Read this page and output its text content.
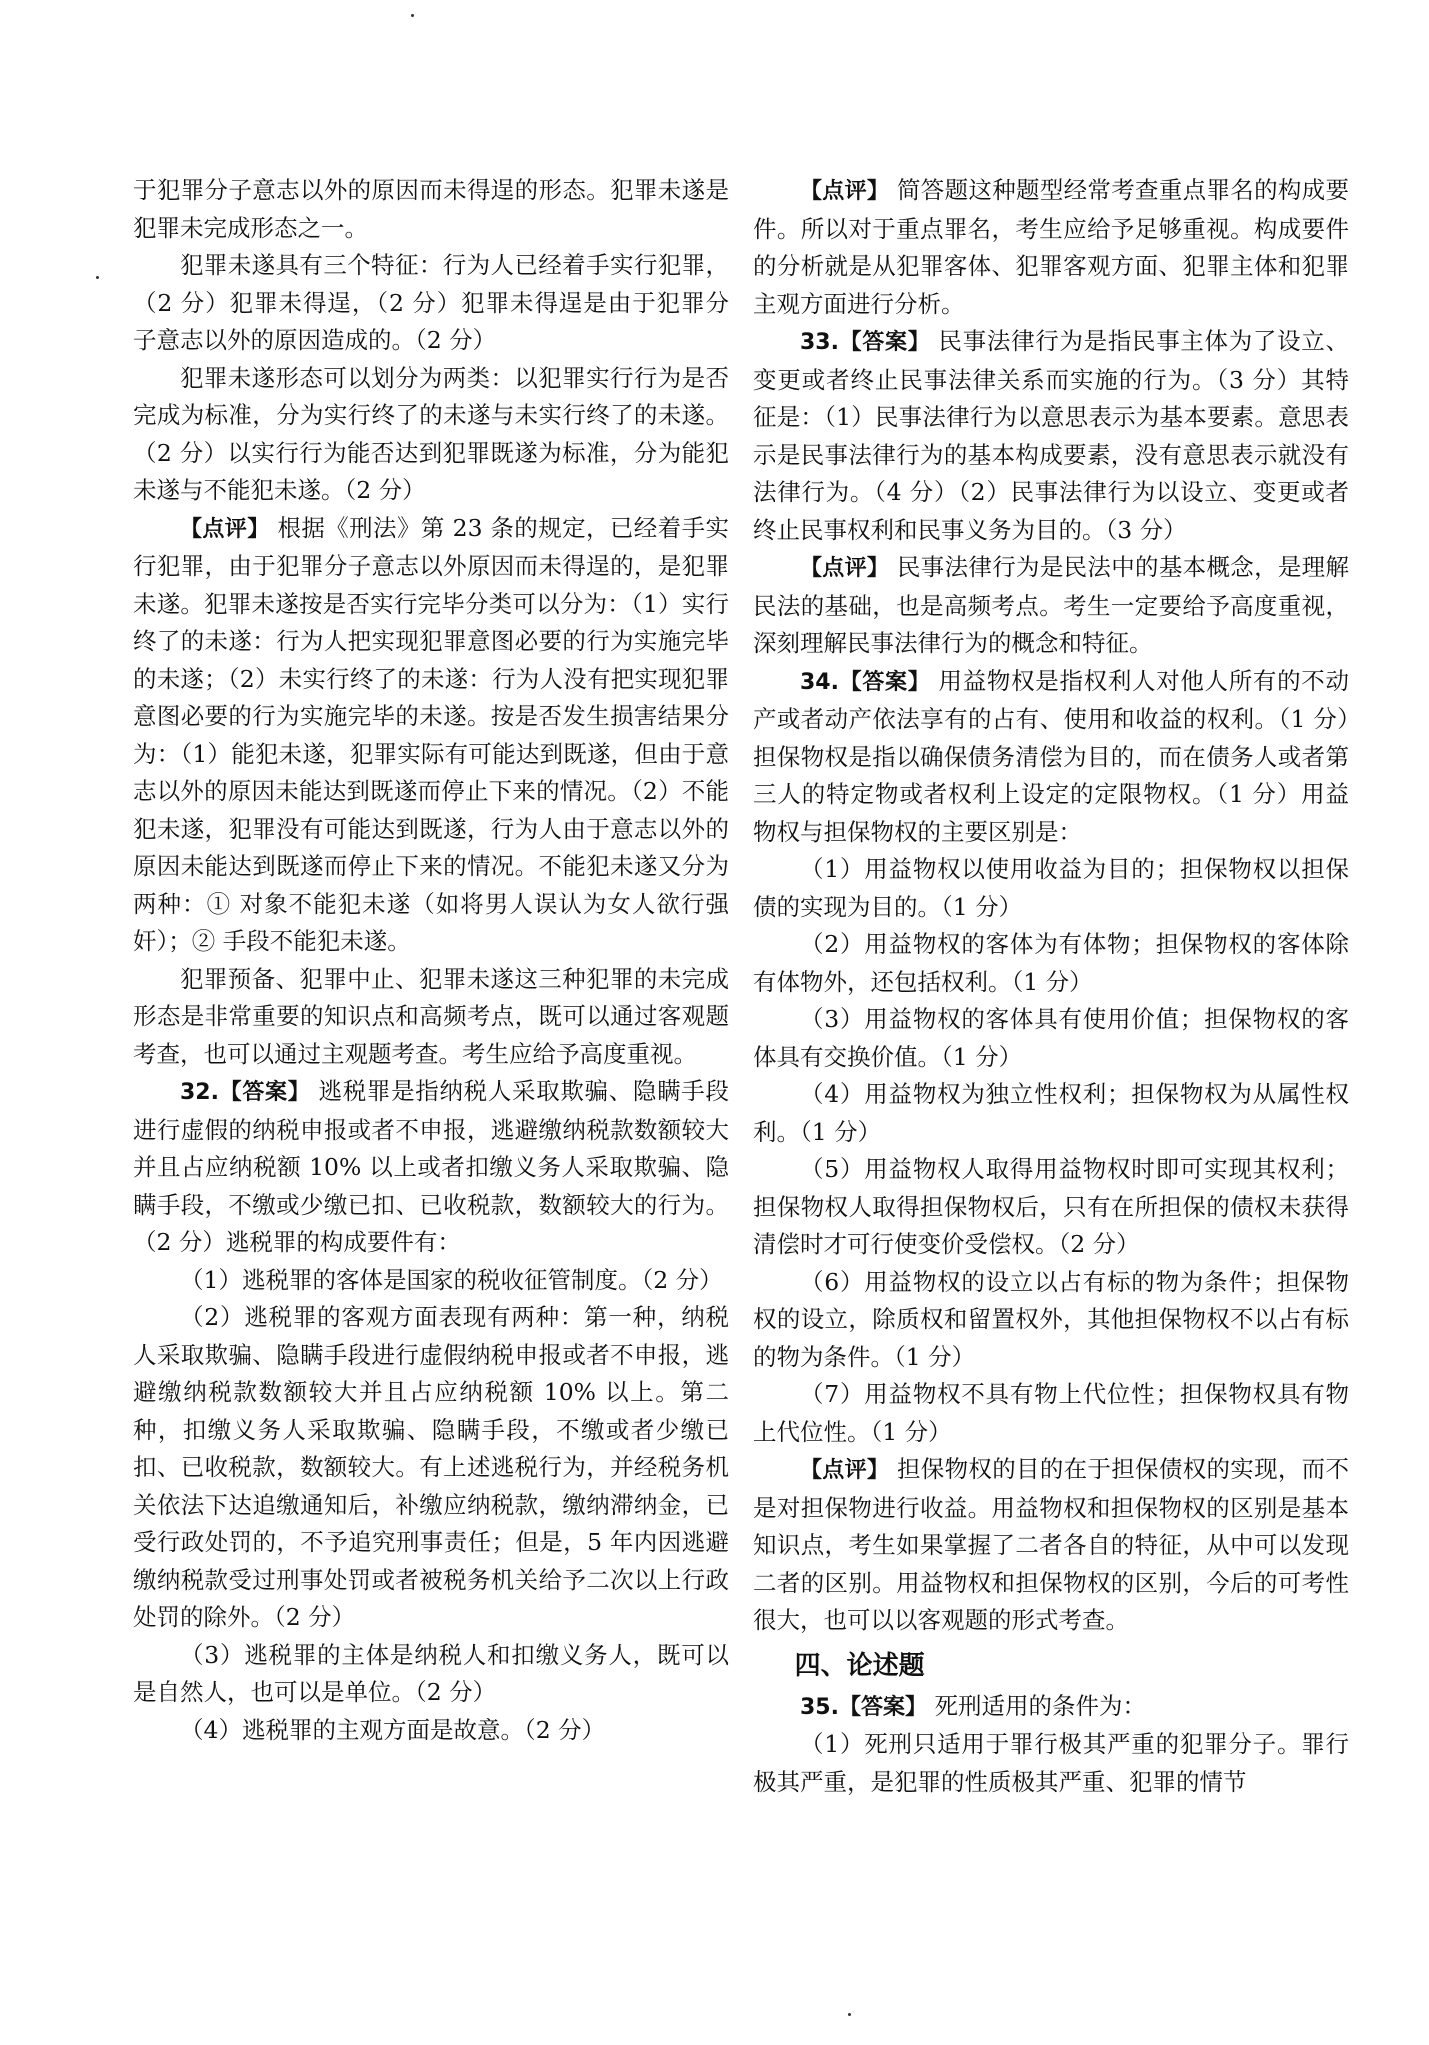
于犯罪分子意志以外的原因而未得逞的形态。犯罪未遂是犯罪未完成形态之一。

犯罪未遂具有三个特征：行为人已经着手实行犯罪，（2 分）犯罪未得逞，（2 分）犯罪未得逞是由于犯罪分子意志以外的原因造成的。（2 分）

犯罪未遂形态可以划分为两类：以犯罪实行行为是否完成为标准，分为实行终了的未遂与未实行终了的未遂。（2 分）以实行行为能否达到犯罪既遂为标准，分为能犯未遂与不能犯未遂。（2 分）

【点评】 根据《刑法》第 23 条的规定，已经着手实行犯罪，由于犯罪分子意志以外原因而未得逞的，是犯罪未遂。犯罪未遂按是否实行完毕分类可以分为：（1）实行终了的未遂：行为人把实现犯罪意图必要的行为实施完毕的未遂；（2）未实行终了的未遂：行为人没有把实现犯罪意图必要的行为实施完毕的未遂。按是否发生损害结果分为：（1）能犯未遂，犯罪实际有可能达到既遂，但由于意志以外的原因未能达到既遂而停止下来的情况。（2）不能犯未遂，犯罪没有可能达到既遂，行为人由于意志以外的原因未能达到既遂而停止下来的情况。不能犯未遂又分为两种：① 对象不能犯未遂（如将男人误认为女人欲行强奸）；② 手段不能犯未遂。

犯罪预备、犯罪中止、犯罪未遂这三种犯罪的未完成形态是非常重要的知识点和高频考点，既可以通过客观题考查，也可以通过主观题考查。考生应给予高度重视。

32.【答案】 逃税罪是指纳税人采取欺骗、隐瞒手段进行虚假的纳税申报或者不申报，逃避缴纳税款数额较大并且占应纳税额 10% 以上或者扣缴义务人采取欺骗、隐瞒手段，不缴或少缴已扣、已收税款，数额较大的行为。（2 分）逃税罪的构成要件有：

（1）逃税罪的客体是国家的税收征管制度。（2 分）

（2）逃税罪的客观方面表现有两种：第一种，纳税人采取欺骗、隐瞒手段进行虚假纳税申报或者不申报，逃避缴纳税款数额较大并且占应纳税额 10% 以上。第二种，扣缴义务人采取欺骗、隐瞒手段，不缴或者少缴已扣、已收税款，数额较大。有上述逃税行为，并经税务机关依法下达追缴通知后，补缴应纳税款，缴纳滞纳金，已受行政处罚的，不予追究刑事责任；但是，5 年内因逃避缴纳税款受过刑事处罚或者被税务机关给予二次以上行政处罚的除外。（2 分）

（3）逃税罪的主体是纳税人和扣缴义务人，既可以是自然人，也可以是单位。（2 分）

（4）逃税罪的主观方面是故意。（2 分）

【点评】 简答题这种题型经常考查重点罪名的构成要件。所以对于重点罪名，考生应给予足够重视。构成要件的分析就是从犯罪客体、犯罪客观方面、犯罪主体和犯罪主观方面进行分析。

33.【答案】 民事法律行为是指民事主体为了设立、变更或者终止民事法律关系而实施的行为。（3 分）其特征是：（1）民事法律行为以意思表示为基本要素。意思表示是民事法律行为的基本构成要素，没有意思表示就没有法律行为。（4 分）（2）民事法律行为以设立、变更或者终止民事权利和民事义务为目的。（3 分）

【点评】 民事法律行为是民法中的基本概念，是理解民法的基础，也是高频考点。考生一定要给予高度重视，深刻理解民事法律行为的概念和特征。

34.【答案】 用益物权是指权利人对他人所有的不动产或者动产依法享有的占有、使用和收益的权利。（1 分）担保物权是指以确保债务清偿为目的，而在债务人或者第三人的特定物或者权利上设定的定限物权。（1 分）用益物权与担保物权的主要区别是：

（1）用益物权以使用收益为目的；担保物权以担保债的实现为目的。（1 分）

（2）用益物权的客体为有体物；担保物权的客体除有体物外，还包括权利。（1 分）

（3）用益物权的客体具有使用价值；担保物权的客体具有交换价值。（1 分）

（4）用益物权为独立性权利；担保物权为从属性权利。（1 分）

（5）用益物权人取得用益物权时即可实现其权利；担保物权人取得担保物权后，只有在所担保的债权未获得清偿时才可行使变价受偿权。（2 分）

（6）用益物权的设立以占有标的物为条件；担保物权的设立，除质权和留置权外，其他担保物权不以占有标的物为条件。（1 分）

（7）用益物权不具有物上代位性；担保物权具有物上代位性。（1 分）

【点评】 担保物权的目的在于担保债权的实现，而不是对担保物进行收益。用益物权和担保物权的区别是基本知识点，考生如果掌握了二者各自的特征，从中可以发现二者的区别。用益物权和担保物权的区别，今后的可考性很大，也可以以客观题的形式考查。

四、论述题

35.【答案】 死刑适用的条件为：

（1）死刑只适用于罪行极其严重的犯罪分子。罪行极其严重，是犯罪的性质极其严重、犯罪的情节
